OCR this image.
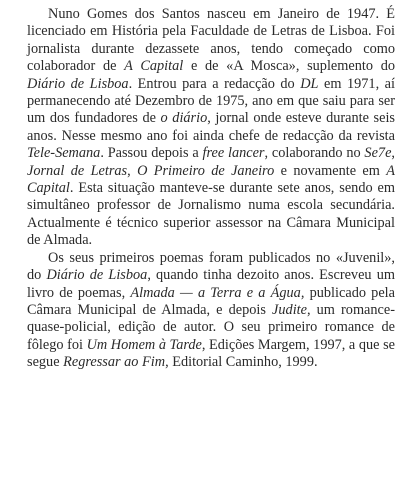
Nuno Gomes dos Santos nasceu em Janeiro de 1947. É licenciado em História pela Faculdade de Letras de Lisboa. Foi jornalista durante dezassete anos, tendo começado como colaborador de A Capital e de «A Mosca», suplemento do Diário de Lisboa. Entrou para a redacção do DL em 1971, aí permanecendo até Dezembro de 1975, ano em que saiu para ser um dos fundadores de o diário, jornal onde esteve durante seis anos. Nesse mesmo ano foi ainda chefe de redacção da revista Tele-Semana. Passou depois a free lancer, colaborando no Se7e, Jornal de Letras, O Primeiro de Janeiro e novamente em A Capital. Esta situação manteve-se durante sete anos, sendo em simultâneo professor de Jornalismo numa escola secundária. Actualmente é técnico superior assessor na Câmara Municipal de Almada.

Os seus primeiros poemas foram publicados no «Juvenil», do Diário de Lisboa, quando tinha dezoito anos. Escreveu um livro de poemas, Almada — a Terra e a Água, publicado pela Câmara Municipal de Almada, e depois Judite, um romance-quase-policial, edição de autor. O seu primeiro romance de fôlego foi Um Homem à Tarde, Edições Margem, 1997, a que se segue Regressar ao Fim, Editorial Caminho, 1999.
